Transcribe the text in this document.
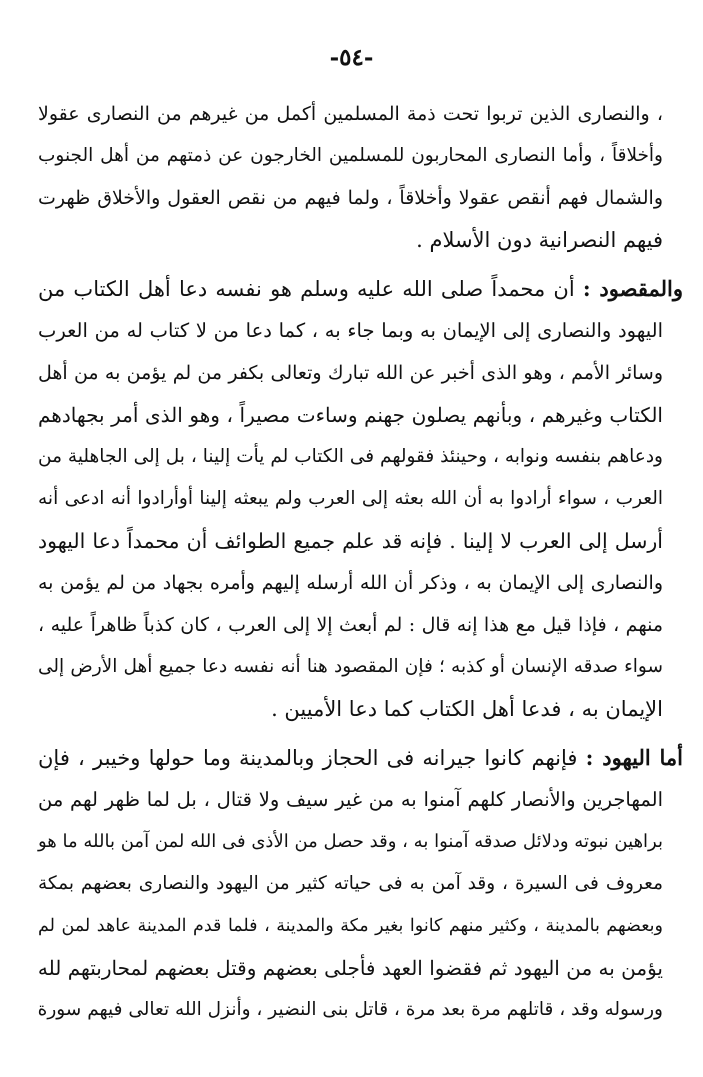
-٥٤-
، والنصارى الذين تربوا تحت ذمة المسلمين أكمل من غيرهم من النصارى عقولا
وأخلاقاً ، وأما النصارى المحاربون للمسلمين الخارجون عن ذمتهم من أهل الجنوب
والشمال فهم أنقص عقولا وأخلاقاً ، ولما فيهم من نقص العقول والأخلاق ظهرت
فيهم النصرانية دون الأسلام .
والمقصود : أن محمداً صلى الله عليه وسلم هو نفسه دعا أهل الكتاب من
اليهود والنصارى إلى الإيمان به وبما جاء به ، كما دعا من لا كتاب له من العرب
وسائر الأمم ، وهو الذى أخبر عن الله تبارك وتعالى بكفر من لم يؤمن به من أهل
الكتاب وغيرهم ، وبأنهم يصلون جهنم وساءت مصيراً ، وهو الذى أمر بجهادهم
ودعاهم بنفسه ونوابه ، وحينئذ فقولهم فى الكتاب لم يأت إلينا ، بل إلى الجاهلية من
العرب ، سواء أرادوا به أن الله بعثه إلى العرب ولم يبعثه إلينا أوأرادوا أنه ادعى أنه
أرسل إلى العرب لا إلينا . فإنه قد علم جميع الطوائف أن محمداً دعا اليهود
والنصارى إلى الإيمان به ، وذكر أن الله أرسله إليهم وأمره بجهاد من لم يؤمن به
منهم ، فإذا قيل مع هذا إنه قال : لم أبعث إلا إلى العرب ، كان كذباً ظاهراً عليه ،
سواء صدقه الإنسان أو كذبه ؛ فإن المقصود هنا أنه نفسه دعا جميع أهل الأرض إلى
الإيمان به ، فدعا أهل الكتاب كما دعا الأميين .
أما اليهود : فإنهم كانوا جيرانه فى الحجاز وبالمدينة وما حولها وخيبر ، فإن
المهاجرين والأنصار كلهم آمنوا به من غير سيف ولا قتال ، بل لما ظهر لهم من
براهين نبوته ودلائل صدقه آمنوا به ، وقد حصل من الأذى فى الله لمن آمن بالله ما هو
معروف فى السيرة ، وقد آمن به فى حياته كثير من اليهود والنصارى بعضهم بمكة
وبعضهم بالمدينة ، وكثير منهم كانوا بغير مكة والمدينة ، فلما قدم المدينة عاهد لمن لم
يؤمن به من اليهود ثم فقضوا العهد فأجلى بعضهم وقتل بعضهم لمحاربتهم لله
ورسوله وقد ، قاتلهم مرة بعد مرة ، قاتل بنى النضير ، وأنزل الله تعالى فيهم سورة
